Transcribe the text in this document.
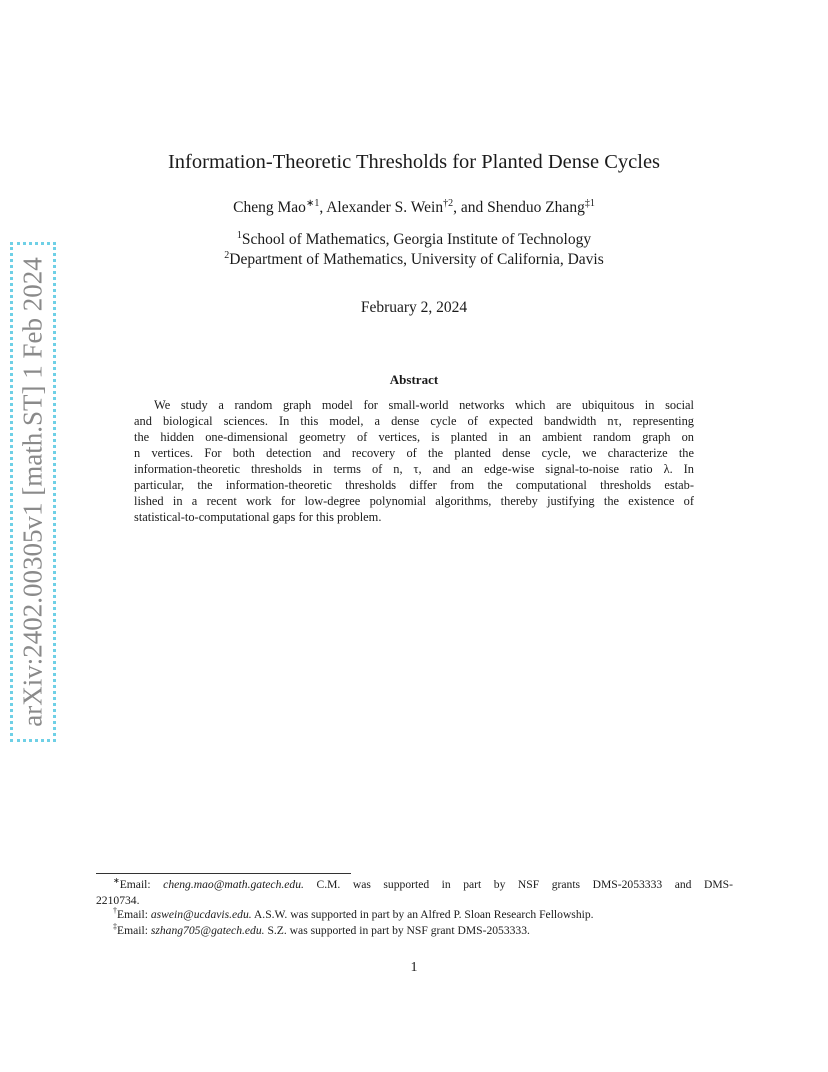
arXiv:2402.00305v1 [math.ST] 1 Feb 2024
Information-Theoretic Thresholds for Planted Dense Cycles
Cheng Mao$^{∗1}$, Alexander S. Wein$^{\dagger 2}$, and Shenduo Zhang$^{\ddagger 1}$
$^1$School of Mathematics, Georgia Institute of Technology
$^2$Department of Mathematics, University of California, Davis
February 2, 2024
Abstract
We study a random graph model for small-world networks which are ubiquitous in social
and biological sciences. In this model, a dense cycle of expected bandwidth nτ, representing
the hidden one-dimensional geometry of vertices, is planted in an ambient random graph on
n vertices. For both detection and recovery of the planted dense cycle, we characterize the
information-theoretic thresholds in terms of n, τ, and an edge-wise signal-to-noise ratio λ. In
particular, the information-theoretic thresholds differ from the computational thresholds estab-
lished in a recent work for low-degree polynomial algorithms, thereby justifying the existence of
statistical-to-computational gaps for this problem.
∗Email: cheng.mao@math.gatech.edu. C.M. was supported in part by NSF grants DMS-2053333 and DMS-
2210734.
†Email: aswein@ucdavis.edu. A.S.W. was supported in part by an Alfred P. Sloan Research Fellowship.
‡Email: szhang705@gatech.edu. S.Z. was supported in part by NSF grant DMS-2053333.
1
